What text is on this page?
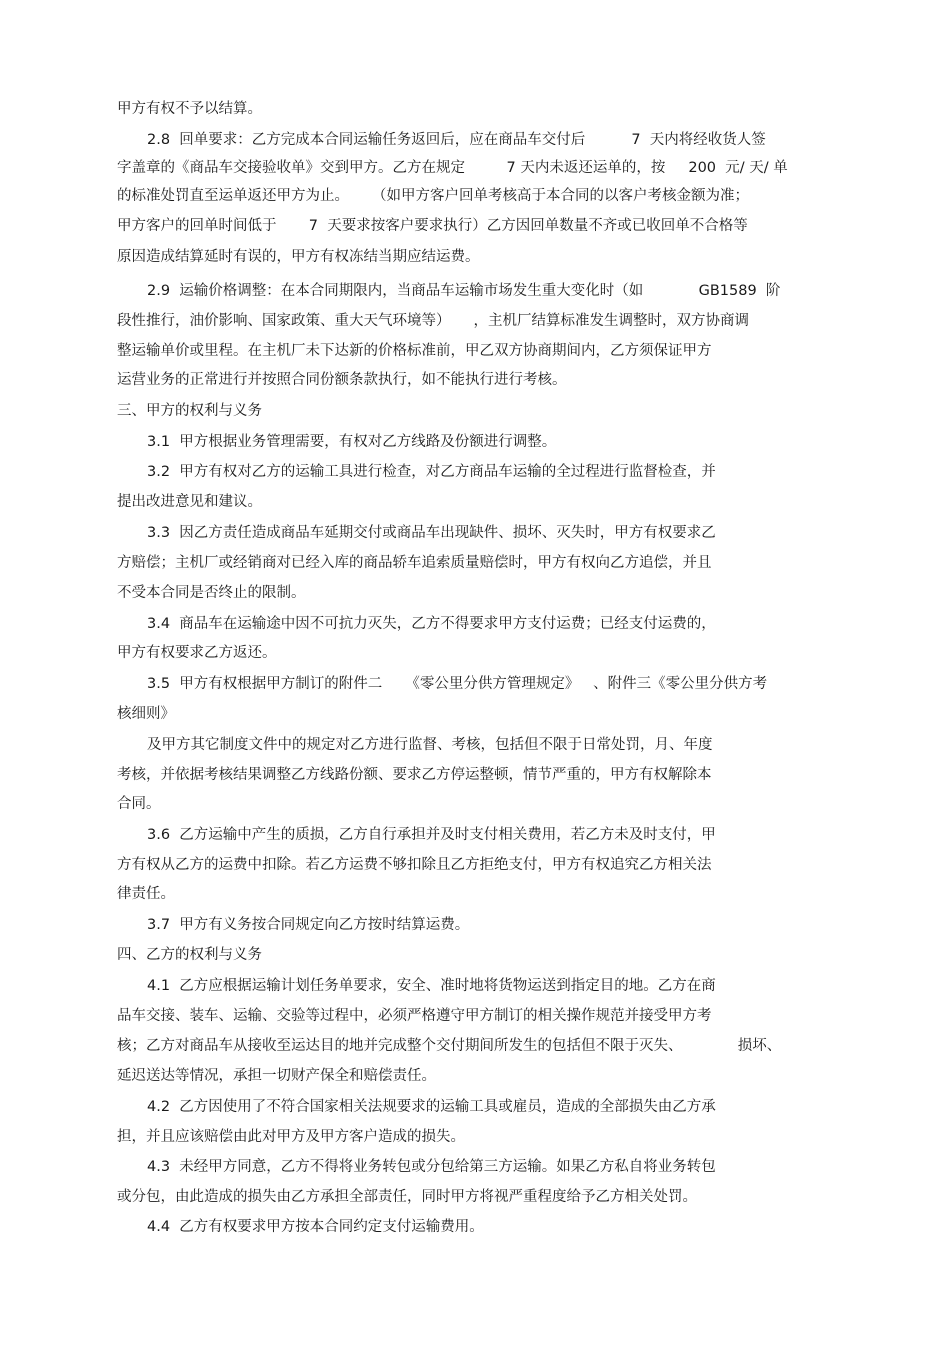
甲方有权不予以结算。

2.8  回单要求：乙方完成本合同运输任务返回后，应在商品车交付后          7  天内将经收货人签

字盖章的《商品车交接验收单》交到甲方。乙方在规定         7 天内未返还运单的，按     200  元/ 天/ 单

的标准处罚直至运单返还甲方为止。     （如甲方客户回单考核高于本合同的以客户考核金额为准；

甲方客户的回单时间低于       7  天要求按客户要求执行）乙方因回单数量不齐或已收回单不合格等

原因造成结算延时有误的，甲方有权冻结当期应结运费。

2.9  运输价格调整：在本合同期限内，当商品车运输市场发生重大变化时（如            GB1589  阶

段性推行，油价影响、国家政策、重大天气环境等）     ，主机厂结算标准发生调整时，双方协商调

整运输单价或里程。在主机厂未下达新的价格标准前，甲乙双方协商期间内，乙方须保证甲方

运营业务的正常进行并按照合同份额条款执行，如不能执行进行考核。

三、甲方的权利与义务

3.1  甲方根据业务管理需要，有权对乙方线路及份额进行调整。

3.2  甲方有权对乙方的运输工具进行检查，对乙方商品车运输的全过程进行监督检查，并

提出改进意见和建议。

3.3  因乙方责任造成商品车延期交付或商品车出现缺件、损坏、灭失时，甲方有权要求乙

方赔偿；主机厂或经销商对已经入库的商品轿车追索质量赔偿时，甲方有权向乙方追偿，并且

不受本合同是否终止的限制。

3.4  商品车在运输途中因不可抗力灭失，乙方不得要求甲方支付运费；已经支付运费的，

甲方有权要求乙方返还。

3.5  甲方有权根据甲方制订的附件二     《零公里分供方管理规定》   、附件三《零公里分供方考

核细则》

及甲方其它制度文件中的规定对乙方进行监督、考核，包括但不限于日常处罚，月、年度

考核，并依据考核结果调整乙方线路份额、要求乙方停运整顿，情节严重的，甲方有权解除本

合同。

3.6  乙方运输中产生的质损，乙方自行承担并及时支付相关费用，若乙方未及时支付，甲

方有权从乙方的运费中扣除。若乙方运费不够扣除且乙方拒绝支付，甲方有权追究乙方相关法

律责任。

3.7  甲方有义务按合同规定向乙方按时结算运费。

四、乙方的权利与义务

4.1  乙方应根据运输计划任务单要求，安全、准时地将货物运送到指定目的地。乙方在商

品车交接、装车、运输、交验等过程中，必须严格遵守甲方制订的相关操作规范并接受甲方考

核；乙方对商品车从接收至运达目的地并完成整个交付期间所发生的包括但不限于灭失、            损坏、

延迟送达等情况，承担一切财产保全和赔偿责任。

4.2  乙方因使用了不符合国家相关法规要求的运输工具或雇员，造成的全部损失由乙方承

担，并且应该赔偿由此对甲方及甲方客户造成的损失。

4.3  未经甲方同意，乙方不得将业务转包或分包给第三方运输。如果乙方私自将业务转包

或分包，由此造成的损失由乙方承担全部责任，同时甲方将视严重程度给予乙方相关处罚。

4.4  乙方有权要求甲方按本合同约定支付运输费用。
